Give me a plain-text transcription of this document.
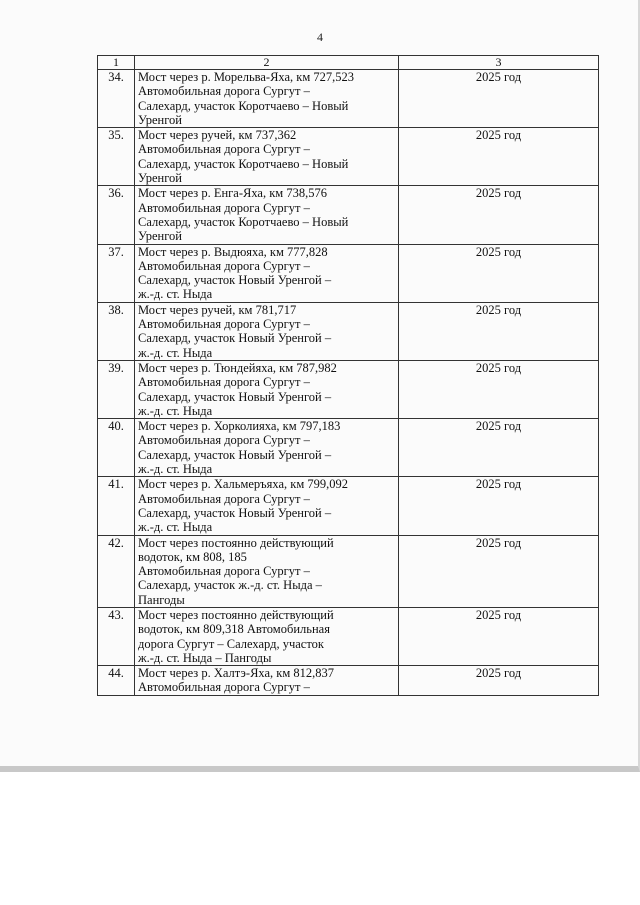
4
1	2	3
34.	Мост через р. Морельва-Яха, км 727,523
Автомобильная дорога Сургут –
Салехард, участок Коротчаево – Новый
Уренгой	2025 год
35.	Мост через ручей, км 737,362
Автомобильная дорога Сургут –
Салехард, участок Коротчаево – Новый
Уренгой	2025 год
36.	Мост через р. Енга-Яха, км 738,576
Автомобильная дорога Сургут –
Салехард, участок Коротчаево – Новый
Уренгой	2025 год
37.	Мост через р. Выдюяха, км 777,828
Автомобильная дорога Сургут –
Салехард, участок Новый Уренгой –
ж.-д. ст. Ныда	2025 год
38.	Мост через ручей, км 781,717
Автомобильная дорога Сургут –
Салехард, участок Новый Уренгой –
ж.-д. ст. Ныда	2025 год
39.	Мост через р. Тюндейяха, км 787,982
Автомобильная дорога Сургут –
Салехард, участок Новый Уренгой –
ж.-д. ст. Ныда	2025 год
40.	Мост через р. Хорколияха, км 797,183
Автомобильная дорога Сургут –
Салехард, участок Новый Уренгой –
ж.-д. ст. Ныда	2025 год
41.	Мост через р. Хальмеръяха, км 799,092
Автомобильная дорога Сургут –
Салехард, участок Новый Уренгой –
ж.-д. ст. Ныда	2025 год
42.	Мост через постоянно действующий
водоток, км 808, 185
Автомобильная дорога Сургут –
Салехард, участок ж.-д. ст. Ныда –
Пангоды	2025 год
43.	Мост через постоянно действующий
водоток, км 809,318 Автомобильная
дорога Сургут – Салехард, участок
ж.-д. ст. Ныда – Пангоды	2025 год
44.	Мост через р. Халтэ-Яха, км 812,837
Автомобильная дорога Сургут –	2025 год
